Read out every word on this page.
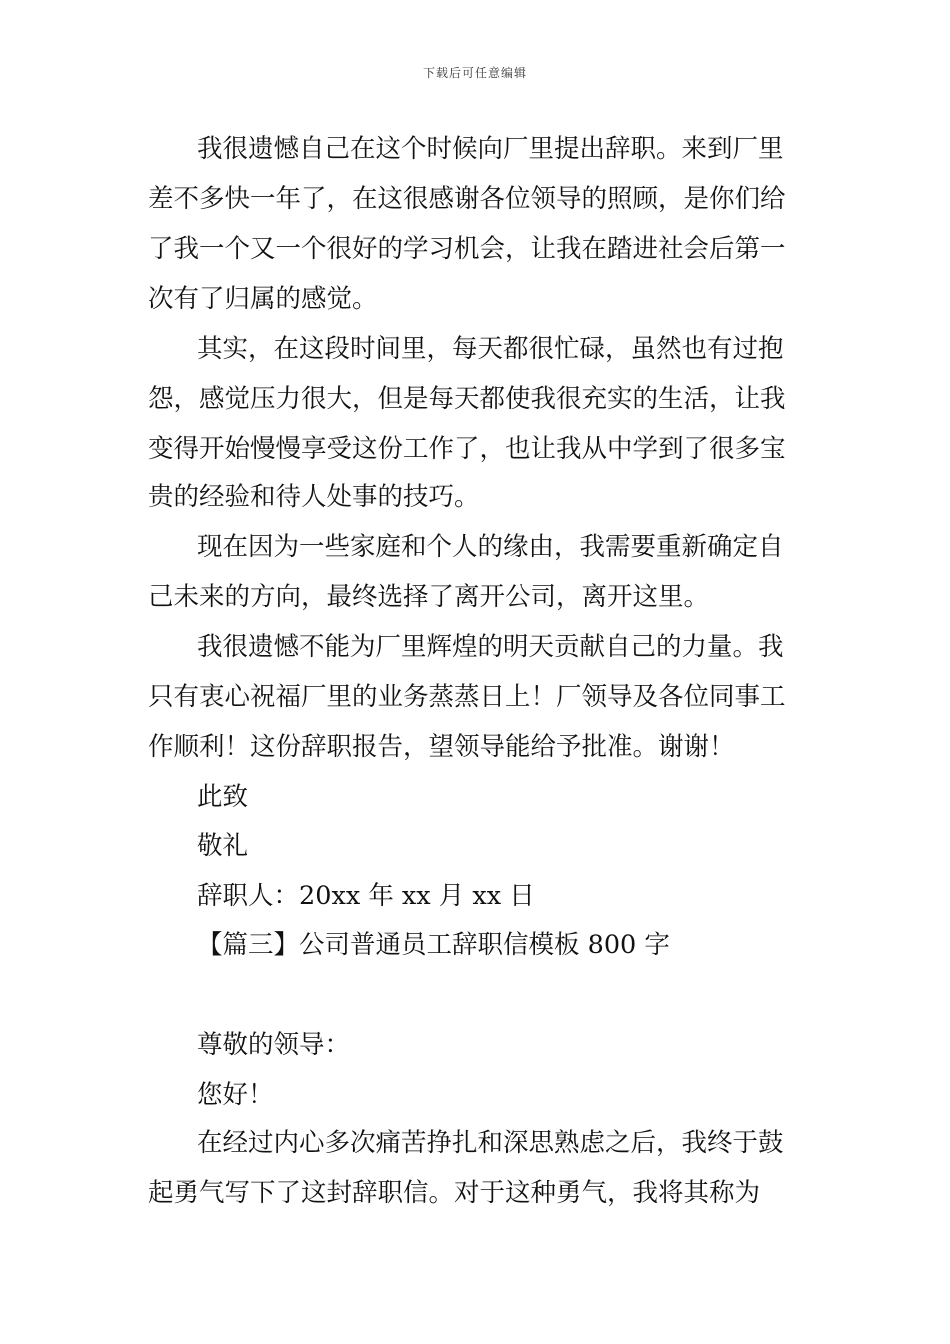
下载后可任意编辑
我很遗憾自己在这个时候向厂里提出辞职。来到厂里
差不多快一年了，在这很感谢各位领导的照顾，是你们给
了我一个又一个很好的学习机会，让我在踏进社会后第一
次有了归属的感觉。
其实，在这段时间里，每天都很忙碌，虽然也有过抱
怨，感觉压力很大，但是每天都使我很充实的生活，让我
变得开始慢慢享受这份工作了，也让我从中学到了很多宝
贵的经验和待人处事的技巧。
现在因为一些家庭和个人的缘由，我需要重新确定自
己未来的方向，最终选择了离开公司，离开这里。
我很遗憾不能为厂里辉煌的明天贡献自己的力量。我
只有衷心祝福厂里的业务蒸蒸日上！厂领导及各位同事工
作顺利！这份辞职报告，望领导能给予批准。谢谢！
此致
敬礼
辞职人：20xx 年 xx 月 xx 日
【篇三】公司普通员工辞职信模板 800 字
尊敬的领导：
您好！
在经过内心多次痛苦挣扎和深思熟虑之后，我终于鼓
起勇气写下了这封辞职信。对于这种勇气，我将其称为
